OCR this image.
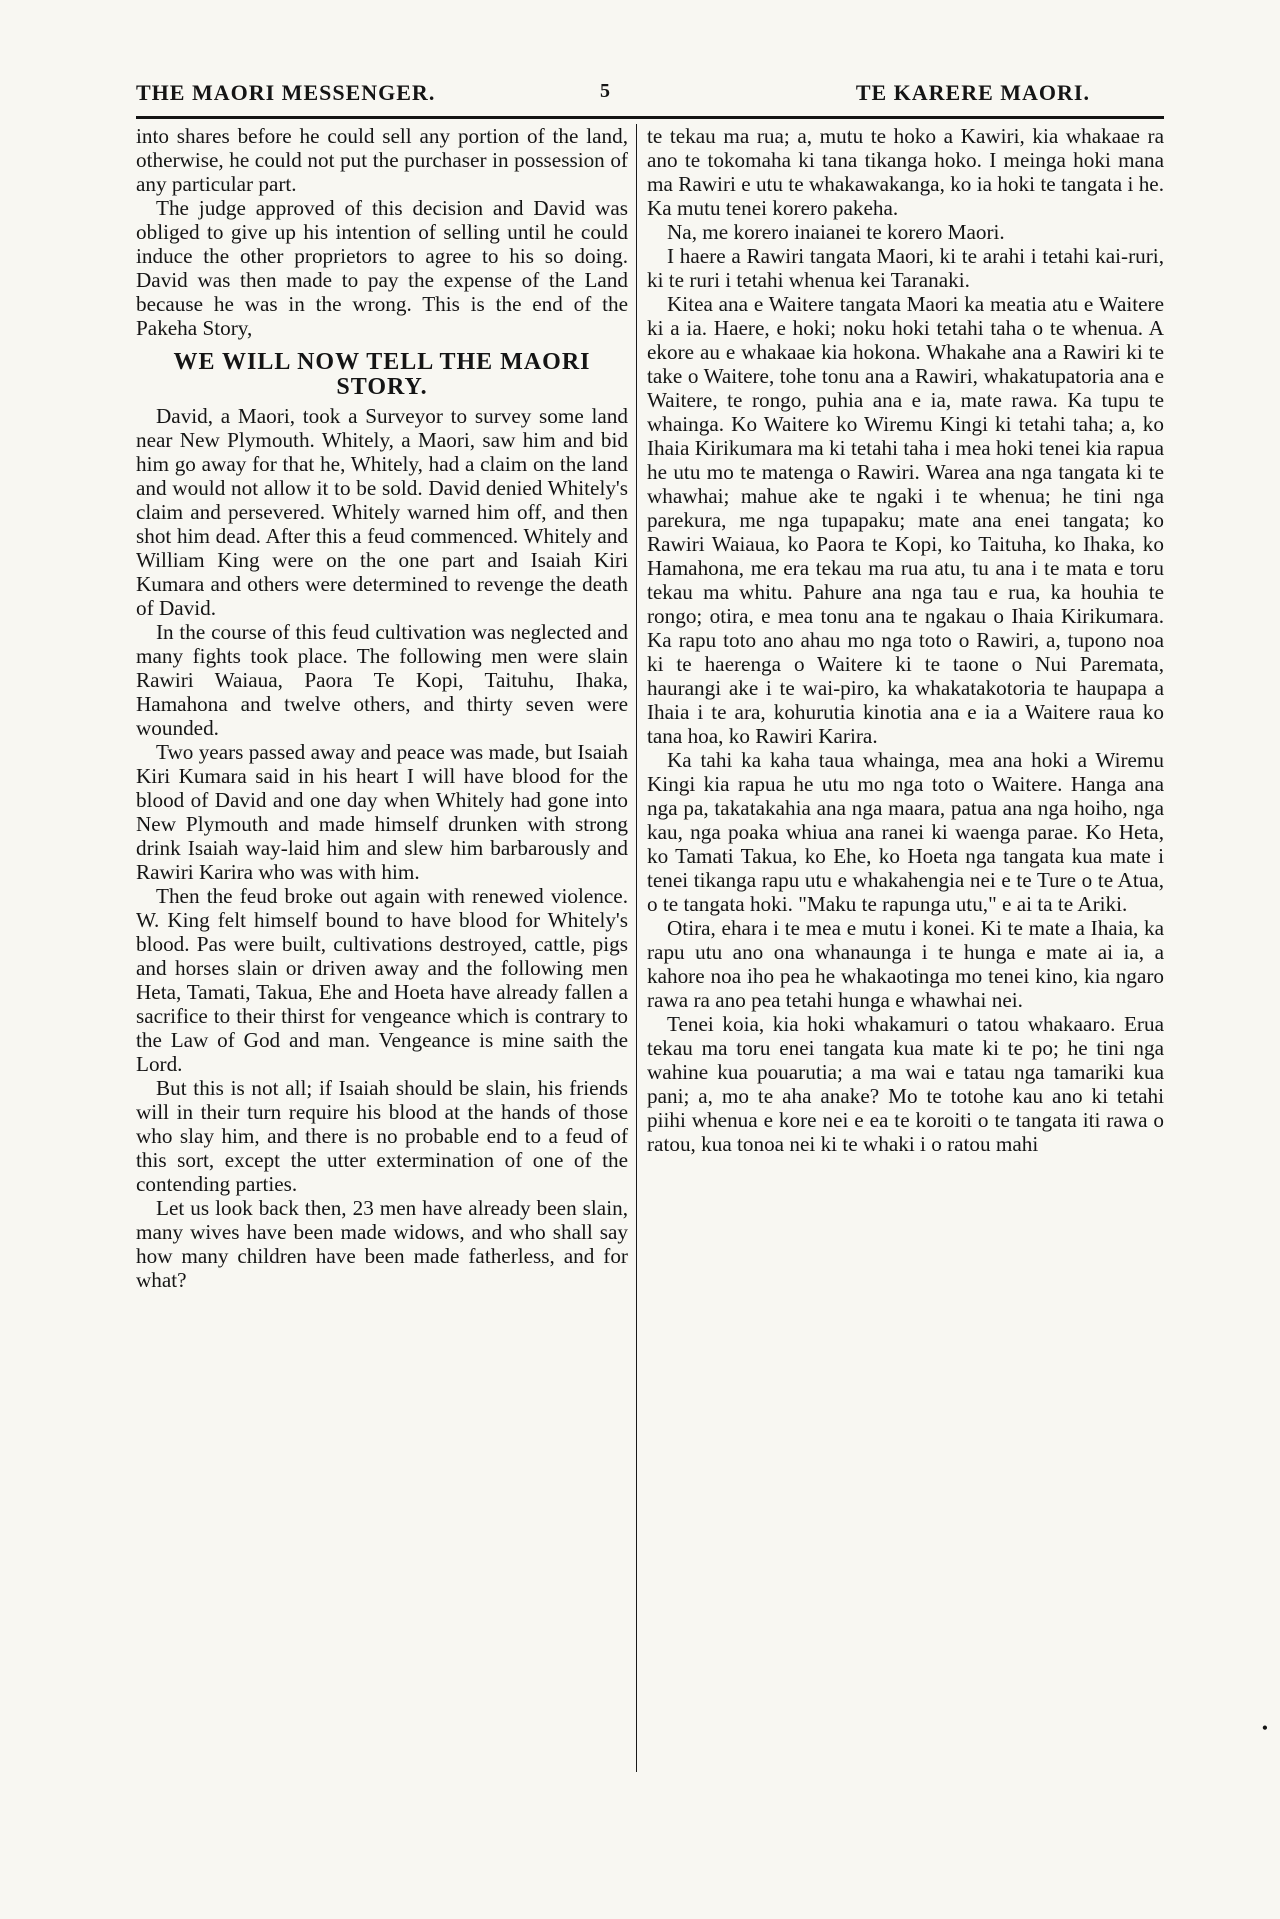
THE MAORI MESSENGER.	5	TE KARERE MAORI.

into shares before he could sell any portion of the land, otherwise, he could not put the purchaser in possession of any particular part.

The judge approved of this decision and David was obliged to give up his intention of selling until he could induce the other proprietors to agree to his so doing. David was then made to pay the expense of the Land because he was in the wrong. This is the end of the Pakeha Story,

WE WILL NOW TELL THE MAORI STORY.

David, a Maori, took a Surveyor to survey some land near New Plymouth. Whitely, a Maori, saw him and bid him go away for that he, Whitely, had a claim on the land and would not allow it to be sold. David denied Whitely's claim and persevered. Whitely warned him off, and then shot him dead. After this a feud commenced. Whitely and William King were on the one part and Isaiah Kiri Kumara and others were determined to revenge the death of David.

In the course of this feud cultivation was neglected and many fights took place. The following men were slain Rawiri Waiaua, Paora Te Kopi, Taituhu, Ihaka, Hamahona and twelve others, and thirty seven were wounded.

Two years passed away and peace was made, but Isaiah Kiri Kumara said in his heart I will have blood for the blood of David and one day when Whitely had gone into New Plymouth and made himself drunken with strong drink Isaiah way-laid him and slew him barbarously and Rawiri Karira who was with him.

Then the feud broke out again with renewed violence. W. King felt himself bound to have blood for Whitely's blood. Pas were built, cultivations destroyed, cattle, pigs and horses slain or driven away and the following men Heta, Tamati, Takua, Ehe and Hoeta have already fallen a sacrifice to their thirst for vengeance which is contrary to the Law of God and man. Vengeance is mine saith the Lord.

But this is not all; if Isaiah should be slain, his friends will in their turn require his blood at the hands of those who slay him, and there is no probable end to a feud of this sort, except the utter extermination of one of the contending parties.

Let us look back then, 23 men have already been slain, many wives have been made widows, and who shall say how many children have been made fatherless, and for what?

te tekau ma rua; a, mutu te hoko a Kawiri, kia whakaae ra ano te tokomaha ki tana tikanga hoko. I meinga hoki mana ma Rawiri e utu te whakawakanga, ko ia hoki te tangata i he. Ka mutu tenei korero pakeha.

Na, me korero inaianei te korero Maori.

I haere a Rawiri tangata Maori, ki te arahi i tetahi kai-ruri, ki te ruri i tetahi whenua kei Taranaki.

Kitea ana e Waitere tangata Maori ka meatia atu e Waitere ki a ia. Haere, e hoki; noku hoki tetahi taha o te whenua. A ekore au e whakaae kia hokona. Whakahe ana a Rawiri ki te take o Waitere, tohe tonu ana a Rawiri, whakatupatoria ana e Waitere, te rongo, puhia ana e ia, mate rawa. Ka tupu te whainga. Ko Waitere ko Wiremu Kingi ki tetahi taha; a, ko Ihaia Kirikumara ma ki tetahi taha i mea hoki tenei kia rapua he utu mo te matenga o Rawiri. Warea ana nga tangata ki te whawhai; mahue ake te ngaki i te whenua; he tini nga parekura, me nga tupapaku; mate ana enei tangata; ko Rawiri Waiaua, ko Paora te Kopi, ko Taituha, ko Ihaka, ko Hamahona, me era tekau ma rua atu, tu ana i te mata e toru tekau ma whitu. Pahure ana nga tau e rua, ka houhia te rongo; otira, e mea tonu ana te ngakau o Ihaia Kirikumara. Ka rapu toto ano ahau mo nga toto o Rawiri, a, tupono noa ki te haerenga o Waitere ki te taone o Nui Paremata, haurangi ake i te wai-piro, ka whakatakotoria te haupapa a Ihaia i te ara, kohurutia kinotia ana e ia a Waitere raua ko tana hoa, ko Rawiri Karira.

Ka tahi ka kaha taua whainga, mea ana hoki a Wiremu Kingi kia rapua he utu mo nga toto o Waitere. Hanga ana nga pa, takatakahia ana nga maara, patua ana nga hoiho, nga kau, nga poaka whiua ana ranei ki waenga parae. Ko Heta, ko Tamati Takua, ko Ehe, ko Hoeta nga tangata kua mate i tenei tikanga rapu utu e whakahengia nei e te Ture o te Atua, o te tangata hoki. "Maku te rapunga utu," e ai ta te Ariki.

Otira, ehara i te mea e mutu i konei. Ki te mate a Ihaia, ka rapu utu ano ona whanaunga i te hunga e mate ai ia, a kahore noa iho pea he whakaotinga mo tenei kino, kia ngaro rawa ra ano pea tetahi hunga e whawhai nei.

Tenei koia, kia hoki whakamuri o tatou whakaaro. Erua tekau ma toru enei tangata kua mate ki te po; he tini nga wahine kua pouarutia; a ma wai e tatau nga tamariki kua pani; a, mo te aha anake? Mo te totohe kau ano ki tetahi piihi whenua e kore nei e ea te koroiti o te tangata iti rawa o ratou, kua tonoa nei ki te whaki i o ratou mahi

•
